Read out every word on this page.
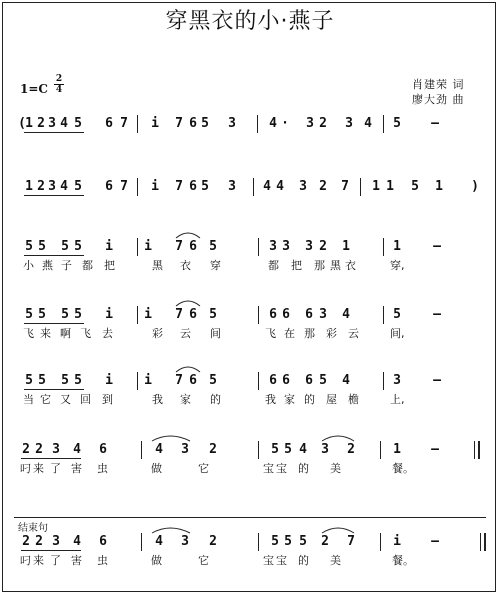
穿黑衣的小·燕子
1=C
2
4	肖建荣 词
廖大劲 曲
( 1 2 3 4 5 6 7 i 7 6 5 3	4 · 3 2 3 4 5 –
1 2 3 4 5 6 7 i 7 6 5 3 4 4 3 2 7 1 1 5 1 )
5 5 5 5 i i 7 6 5	3 3 3 2 1	1 –
小 燕 子 都 把	黑 衣 穿	都 把 那 黑 衣	穿,
5 5 5 5 i i 7 6 5	6 6 6 3 4	5 –
飞 来 啊 飞 去	彩 云 间	飞 在 那 彩 云	间,
5 5 5 5 i i 7 6 5	6 6 6 5 4	3 –
当 它 又 回 到	我 家 的	我 家 的 屋 檐	上,
2 2 3 4 6	4 3 2	5 5 4 3 2	1 –
叼 来 了 害 虫	做	它	宝 宝 的 美	餐。
2 2 3 4 6	4 3 2	5 5 5 2 7	i –
叼 来 了 害 虫	做	它	宝 宝 的 美	餐。
结束句
